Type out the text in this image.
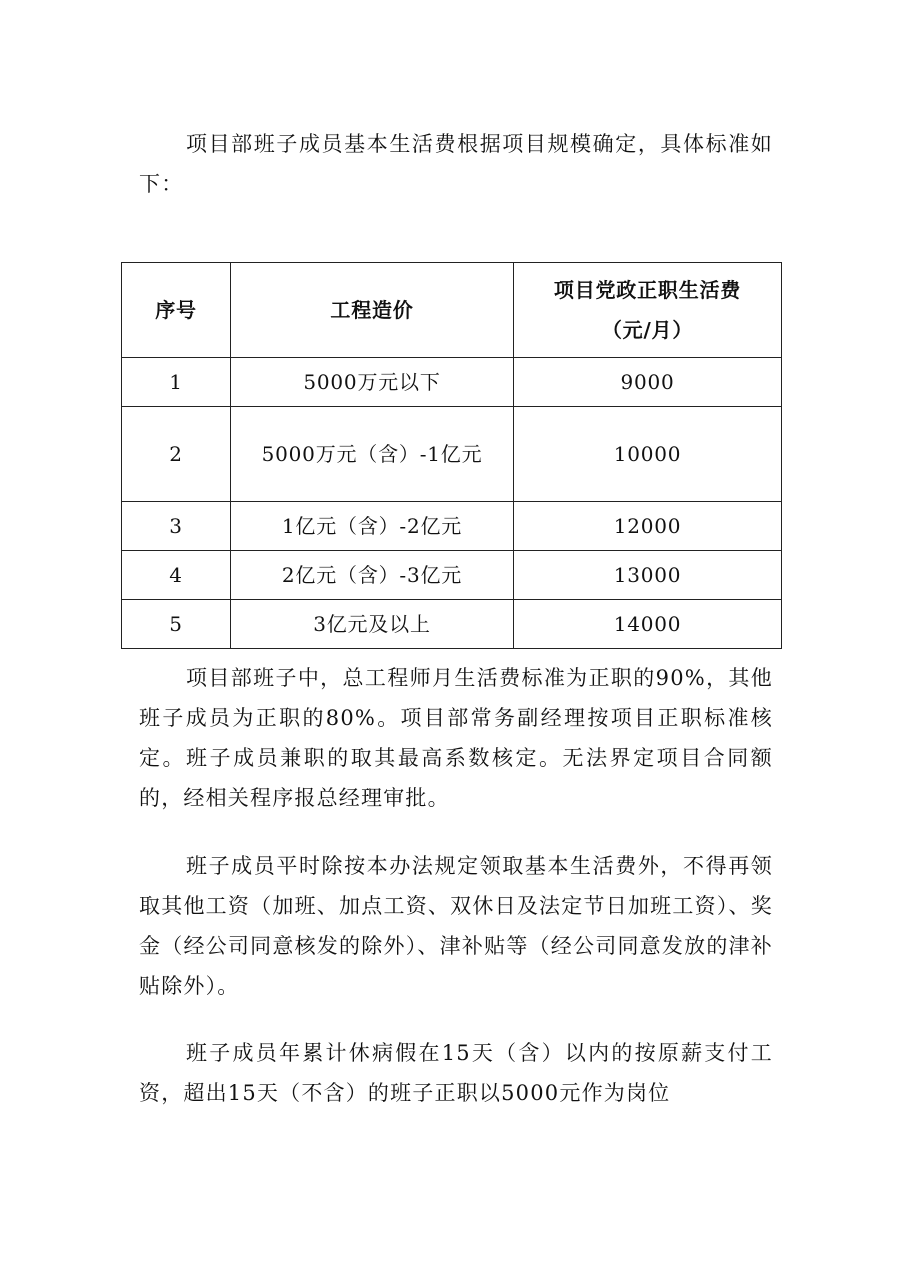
项目部班子成员基本生活费根据项目规模确定，具体标准如下：

序号	工程造价	项目党政正职生活费
（元/月）

1	5000万元以下	9000
2	5000万元（含）-1亿元	10000
3	1亿元（含）-2亿元	12000
4	2亿元（含）-3亿元	13000
5	3亿元及以上	14000

项目部班子中，总工程师月生活费标准为正职的90%，其他班子成员为正职的80%。项目部常务副经理按项目正职标准核定。班子成员兼职的取其最高系数核定。无法界定项目合同额的，经相关程序报总经理审批。

班子成员平时除按本办法规定领取基本生活费外，不得再领取其他工资（加班、加点工资、双休日及法定节日加班工资）、奖金（经公司同意核发的除外）、津补贴等（经公司同意发放的津补贴除外）。

班子成员年累计休病假在15天（含）以内的按原薪支付工资，超出15天（不含）的班子正职以5000元作为岗位
